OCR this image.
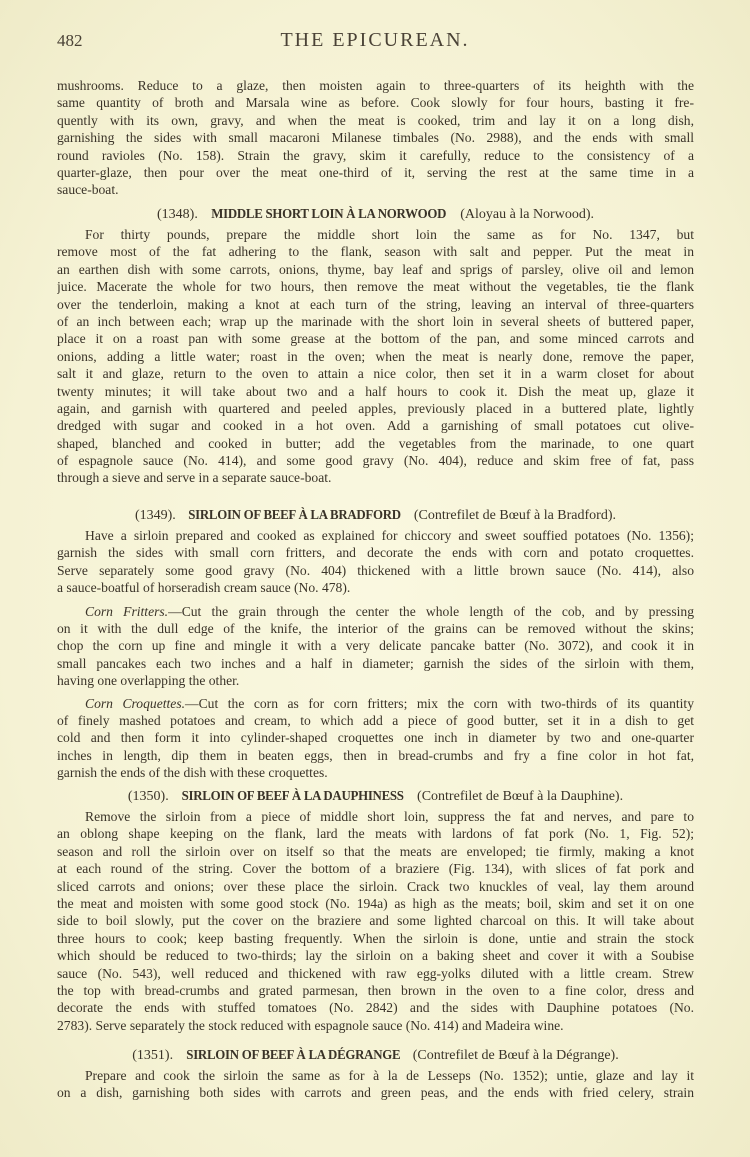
482	THE EPICUREAN.
mushrooms. Reduce to a glaze, then moisten again to three-quarters of its heighth with the
same quantity of broth and Marsala wine as before. Cook slowly for four hours, basting it fre-
quently with its own, gravy, and when the meat is cooked, trim and lay it on a long dish,
garnishing the sides with small macaroni Milanese timbales (No. 2988), and the ends with small
round ravioles (No. 158). Strain the gravy, skim it carefully, reduce to the consistency of a
quarter-glaze, then pour over the meat one-third of it, serving the rest at the same time in a
sauce-boat.
(1348). MIDDLE SHORT LOIN À LA NORWOOD (Aloyau à la Norwood).
For thirty pounds, prepare the middle short loin the same as for No. 1347, but
remove most of the fat adhering to the flank, season with salt and pepper. Put the meat in
an earthen dish with some carrots, onions, thyme, bay leaf and sprigs of parsley, olive oil and lemon
juice. Macerate the whole for two hours, then remove the meat without the vegetables, tie the flank
over the tenderloin, making a knot at each turn of the string, leaving an interval of three-quarters
of an inch between each; wrap up the marinade with the short loin in several sheets of buttered paper,
place it on a roast pan with some grease at the bottom of the pan, and some minced carrots and
onions, adding a little water; roast in the oven; when the meat is nearly done, remove the paper,
salt it and glaze, return to the oven to attain a nice color, then set it in a warm closet for about
twenty minutes; it will take about two and a half hours to cook it. Dish the meat up, glaze it
again, and garnish with quartered and peeled apples, previously placed in a buttered plate, lightly
dredged with sugar and cooked in a hot oven. Add a garnishing of small potatoes cut olive-
shaped, blanched and cooked in butter; add the vegetables from the marinade, to one quart
of espagnole sauce (No. 414), and some good gravy (No. 404), reduce and skim free of fat, pass
through a sieve and serve in a separate sauce-boat.
(1349). SIRLOIN OF BEEF À LA BRADFORD (Contrefilet de Bœuf à la Bradford).
Have a sirloin prepared and cooked as explained for chiccory and sweet souffied potatoes (No. 1356);
garnish the sides with small corn fritters, and decorate the ends with corn and potato croquettes.
Serve separately some good gravy (No. 404) thickened with a little brown sauce (No. 414), also
a sauce-boatful of horseradish cream sauce (No. 478).
Corn Fritters.—Cut the grain through the center the whole length of the cob, and by pressing
on it with the dull edge of the knife, the interior of the grains can be removed without the skins;
chop the corn up fine and mingle it with a very delicate pancake batter (No. 3072), and cook it in
small pancakes each two inches and a half in diameter; garnish the sides of the sirloin with them,
having one overlapping the other.
Corn Croquettes.—Cut the corn as for corn fritters; mix the corn with two-thirds of its quantity
of finely mashed potatoes and cream, to which add a piece of good butter, set it in a dish to get
cold and then form it into cylinder-shaped croquettes one inch in diameter by two and one-quarter
inches in length, dip them in beaten eggs, then in bread-crumbs and fry a fine color in hot fat,
garnish the ends of the dish with these croquettes.
(1350). SIRLOIN OF BEEF À LA DAUPHINESS (Contrefilet de Bœuf à la Dauphine).
Remove the sirloin from a piece of middle short loin, suppress the fat and nerves, and pare to
an oblong shape keeping on the flank, lard the meats with lardons of fat pork (No. 1, Fig. 52);
season and roll the sirloin over on itself so that the meats are enveloped; tie firmly, making a knot
at each round of the string. Cover the bottom of a braziere (Fig. 134), with slices of fat pork and
sliced carrots and onions; over these place the sirloin. Crack two knuckles of veal, lay them around
the meat and moisten with some good stock (No. 194a) as high as the meats; boil, skim and set it on one
side to boil slowly, put the cover on the braziere and some lighted charcoal on this. It will take about
three hours to cook; keep basting frequently. When the sirloin is done, untie and strain the stock
which should be reduced to two-thirds; lay the sirloin on a baking sheet and cover it with a Soubise
sauce (No. 543), well reduced and thickened with raw egg-yolks diluted with a little cream. Strew
the top with bread-crumbs and grated parmesan, then brown in the oven to a fine color, dress and
decorate the ends with stuffed tomatoes (No. 2842) and the sides with Dauphine potatoes (No.
2783). Serve separately the stock reduced with espagnole sauce (No. 414) and Madeira wine.
(1351). SIRLOIN OF BEEF À LA DÉGRANGE (Contrefilet de Bœuf à la Dégrange).
Prepare and cook the sirloin the same as for à la de Lesseps (No. 1352); untie, glaze and lay it
on a dish, garnishing both sides with carrots and green peas, and the ends with fried celery, strain
